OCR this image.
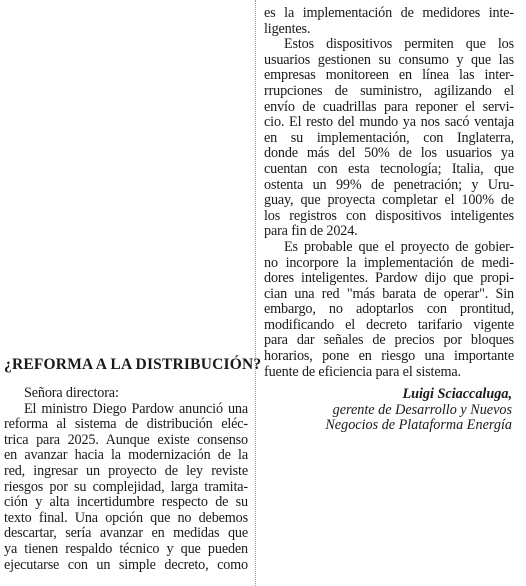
es la implementación de medidores inte-
ligentes.
Estos dispositivos permiten que los
usuarios gestionen su consumo y que las
empresas monitoreen en línea las inter-
rrupciones de suministro, agilizando el
envío de cuadrillas para reponer el servi-
cio. El resto del mundo ya nos sacó ventaja
en su implementación, con Inglaterra,
donde más del 50% de los usuarios ya
cuentan con esta tecnología; Italia, que
ostenta un 99% de penetración; y Uru-
guay, que proyecta completar el 100% de
los registros con dispositivos inteligentes
para fin de 2024.
Es probable que el proyecto de gobier-
no incorpore la implementación de medi-
dores inteligentes. Pardow dijo que propi-
cian una red "más barata de operar". Sin
embargo, no adoptarlos con prontitud,
modificando el decreto tarifario vigente
para dar señales de precios por bloques
horarios, pone en riesgo una importante
fuente de eficiencia para el sistema.
¿REFORMA A LA DISTRIBUCIÓN?
Señora directora:
El ministro Diego Pardow anunció una
reforma al sistema de distribución eléc-
trica para 2025. Aunque existe consenso
en avanzar hacia la modernización de la
red, ingresar un proyecto de ley reviste
riesgos por su complejidad, larga tramita-
ción y alta incertidumbre respecto de su
texto final. Una opción que no debemos
descartar, sería avanzar en medidas que
ya tienen respaldo técnico y que pueden
ejecutarse con un simple decreto, como
Luigi Sciaccaluga,
gerente de Desarrollo y Nuevos
Negocios de Plataforma Energía
